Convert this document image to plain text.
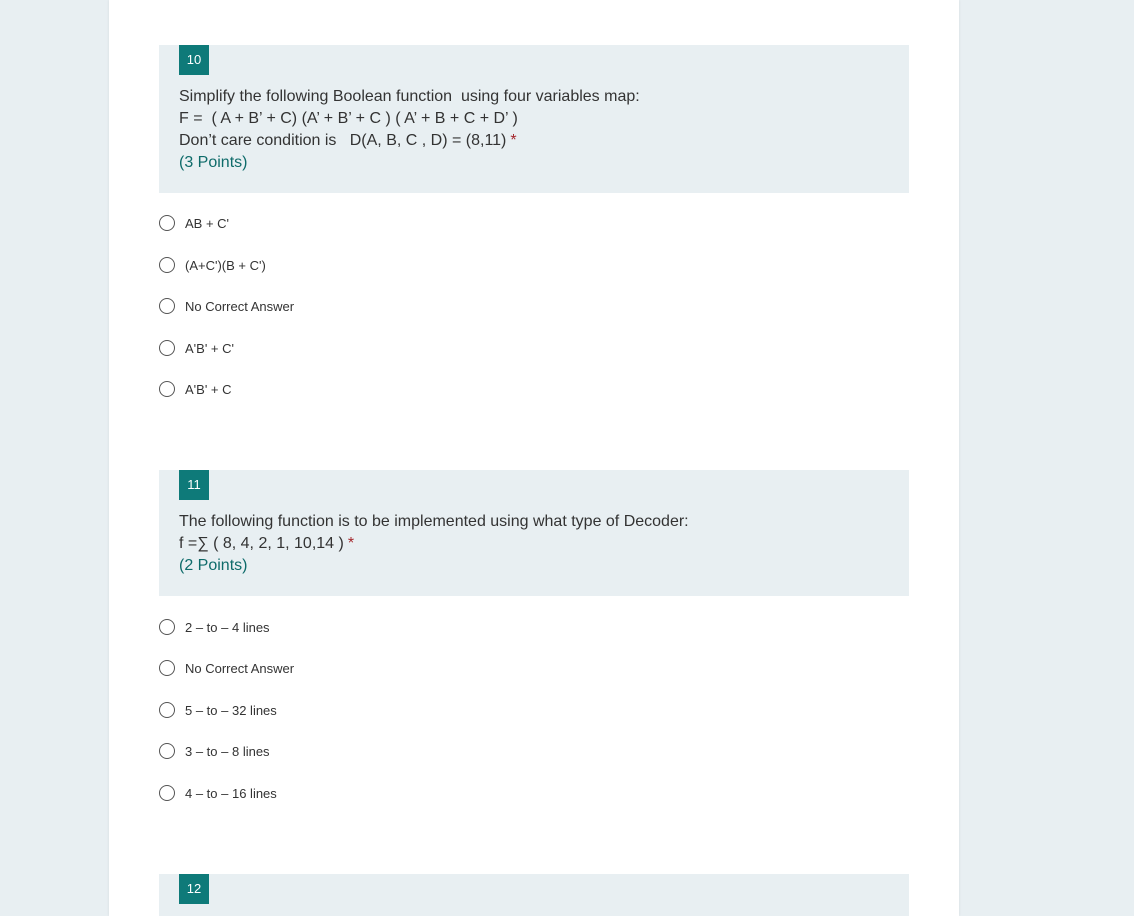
10
Simplify the following Boolean function  using four variables map:
F =  ( A + B’ + C) (A’ + B’ + C ) ( A’ + B + C + D’ )
Don’t care condition is   D(A, B, C , D) = (8,11) *
(3 Points)
AB + C'
(A+C')(B + C')
No Correct Answer
A'B' + C'
A'B' + C
11
The following function is to be implemented using what type of Decoder:
f =∑ ( 8, 4, 2, 1, 10,14 ) *
(2 Points)
2 – to – 4 lines
No Correct Answer
5 – to – 32 lines
3 – to – 8 lines
4 – to – 16 lines
12
